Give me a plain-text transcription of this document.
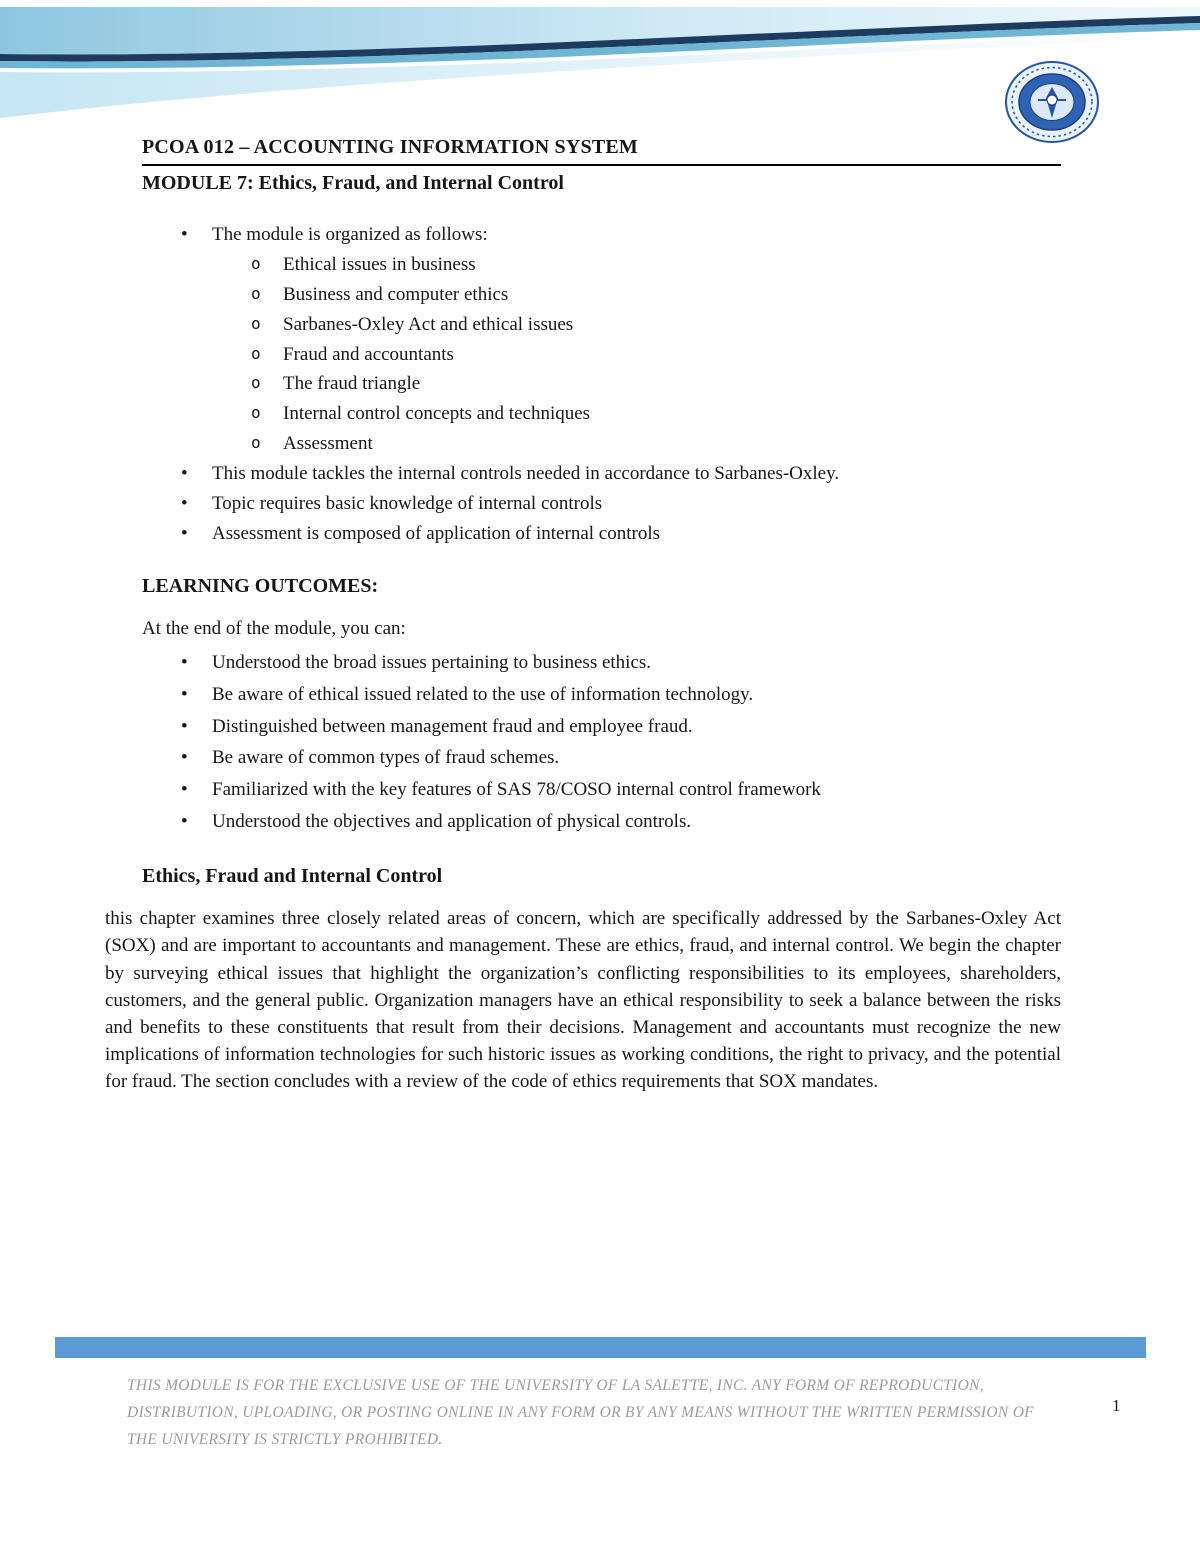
PCOA 012 – ACCOUNTING INFORMATION SYSTEM
MODULE 7: Ethics, Fraud, and Internal Control
• The module is organized as follows:
o Ethical issues in business
o Business and computer ethics
o Sarbanes-Oxley Act and ethical issues
o Fraud and accountants
o The fraud triangle
o Internal control concepts and techniques
o Assessment
• This module tackles the internal controls needed in accordance to Sarbanes-Oxley.
• Topic requires basic knowledge of internal controls
• Assessment is composed of application of internal controls
LEARNING OUTCOMES:

At the end of the module, you can:

• Understood the broad issues pertaining to business ethics.
• Be aware of ethical issued related to the use of information technology.
• Distinguished between management fraud and employee fraud.
• Be aware of common types of fraud schemes.
• Familiarized with the key features of SAS 78/COSO internal control framework
• Understood the objectives and application of physical controls.
Ethics, Fraud and Internal Control

this chapter examines three closely related areas of concern, which are specifically addressed by the Sarbanes-Oxley Act (SOX) and are important to accountants and management. These are ethics, fraud, and internal control. We begin the chapter by surveying ethical issues that highlight the organization’s conflicting responsibilities to its employees, shareholders, customers, and the general public. Organization managers have an ethical responsibility to seek a balance between the risks and benefits to these constituents that result from their decisions. Management and accountants must recognize the new implications of information technologies for such historic issues as working conditions, the right to privacy, and the potential for fraud. The section concludes with a review of the code of ethics requirements that SOX mandates.

THIS MODULE IS FOR THE EXCLUSIVE USE OF THE UNIVERSITY OF LA SALETTE, INC. ANY FORM OF REPRODUCTION, DISTRIBUTION, UPLOADING, OR POSTING ONLINE IN ANY FORM OR BY ANY MEANS WITHOUT THE WRITTEN PERMISSION OF THE UNIVERSITY IS STRICTLY PROHIBITED.

1
